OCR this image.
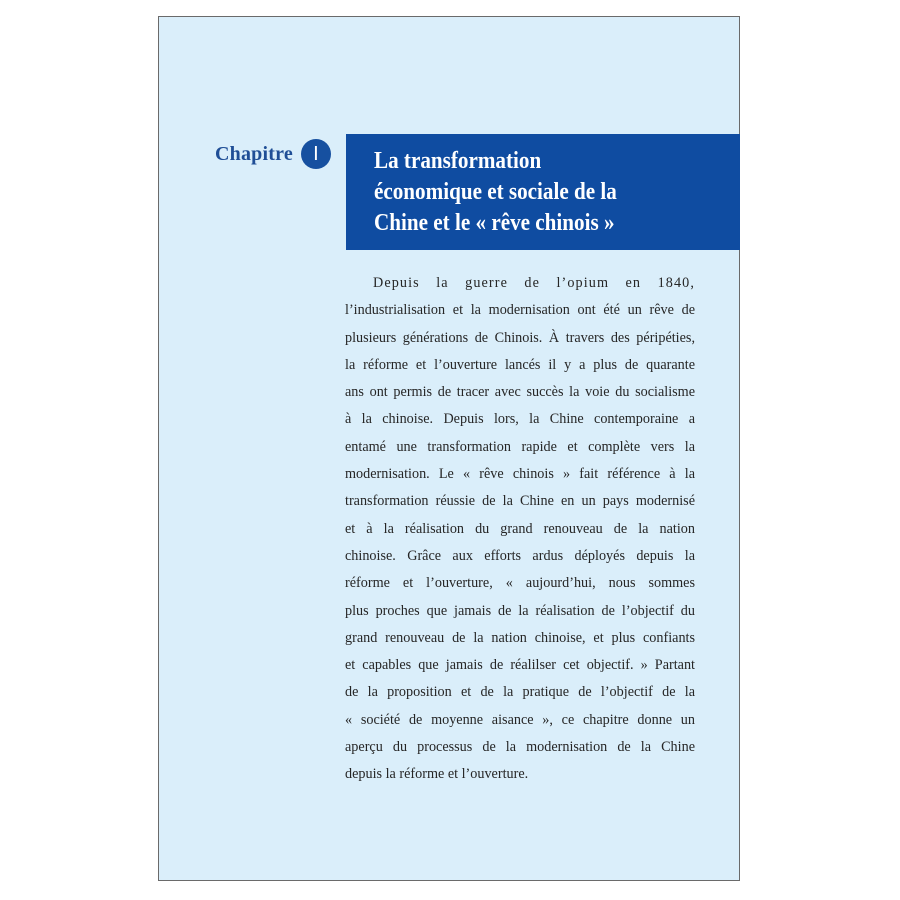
Chapitre I La transformation
économique et sociale de la
Chine et le « rêve chinois »
Depuis la guerre de l’opium en 1840,
l’industrialisation et la modernisation ont été un rêve de
plusieurs générations de Chinois. À travers des péripéties,
la réforme et l’ouverture lancés il y a plus de quarante
ans ont permis de tracer avec succès la voie du socialisme
à la chinoise. Depuis lors, la Chine contemporaine a
entamé une transformation rapide et complète vers la
modernisation. Le « rêve chinois » fait référence à la
transformation réussie de la Chine en un pays modernisé
et à la réalisation du grand renouveau de la nation
chinoise. Grâce aux efforts ardus déployés depuis la
réforme et l’ouverture, « aujourd’hui, nous sommes
plus proches que jamais de la réalisation de l’objectif du
grand renouveau de la nation chinoise, et plus confiants
et capables que jamais de réalilser cet objectif. » Partant
de la proposition et de la pratique de l’objectif de la
« société de moyenne aisance », ce chapitre donne un
aperçu du processus de la modernisation de la Chine
depuis la réforme et l’ouverture.
